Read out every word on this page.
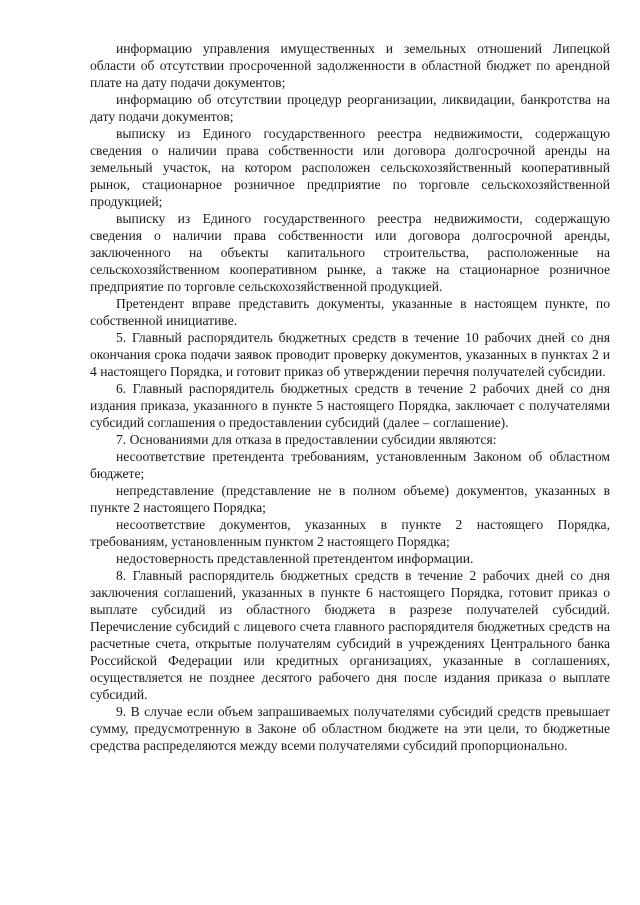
информацию управления имущественных и земельных отношений Липецкой области об отсутствии просроченной задолженности в областной бюджет по арендной плате на дату подачи документов;

информацию об отсутствии процедур реорганизации, ликвидации, банкротства на дату подачи документов;

выписку из Единого государственного реестра недвижимости, содержащую сведения о наличии права собственности или договора долгосрочной аренды на земельный участок, на котором расположен сельскохозяйственный кооперативный рынок, стационарное розничное предприятие по торговле сельскохозяйственной продукцией;

выписку из Единого государственного реестра недвижимости, содержащую сведения о наличии права собственности или договора долгосрочной аренды, заключенного на объекты капитального строительства, расположенные на сельскохозяйственном кооперативном рынке, а также на стационарное розничное предприятие по торговле сельскохозяйственной продукцией.

Претендент вправе представить документы, указанные в настоящем пункте, по собственной инициативе.

5. Главный распорядитель бюджетных средств в течение 10 рабочих дней со дня окончания срока подачи заявок проводит проверку документов, указанных в пунктах 2 и 4 настоящего Порядка, и готовит приказ об утверждении перечня получателей субсидии.

6. Главный распорядитель бюджетных средств в течение 2 рабочих дней со дня издания приказа, указанного в пункте 5 настоящего Порядка, заключает с получателями субсидий соглашения о предоставлении субсидий (далее – соглашение).

7. Основаниями для отказа в предоставлении субсидии являются:

несоответствие претендента требованиям, установленным Законом об областном бюджете;

непредставление (представление не в полном объеме) документов, указанных в пункте 2 настоящего Порядка;

несоответствие документов, указанных в пункте 2 настоящего Порядка, требованиям, установленным пунктом 2 настоящего Порядка;

недостоверность представленной претендентом информации.

8. Главный распорядитель бюджетных средств в течение 2 рабочих дней со дня заключения соглашений, указанных в пункте 6 настоящего Порядка, готовит приказ о выплате субсидий из областного бюджета в разрезе получателей субсидий. Перечисление субсидий с лицевого счета главного распорядителя бюджетных средств на расчетные счета, открытые получателям субсидий в учреждениях Центрального банка Российской Федерации или кредитных организациях, указанные в соглашениях, осуществляется не позднее десятого рабочего дня после издания приказа о выплате субсидий.

9. В случае если объем запрашиваемых получателями субсидий средств превышает сумму, предусмотренную в Законе об областном бюджете на эти цели, то бюджетные средства распределяются между всеми получателями субсидий пропорционально.
